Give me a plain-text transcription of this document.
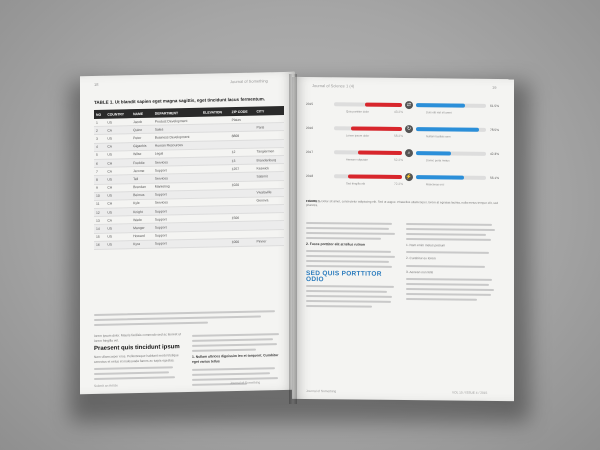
18
Journal of Something
TABLE 1. Ut blandit sapien eget magna sagittis, eget tincidunt lacus fermentum.
NO	COUNTRY	NAME	DEPARTMENT	ELEVATION	ZIP CODE	CITY
1	US	Jacob	Product Development		Platzs	
2	CA	Quinn	Sales			Paris
3	US	Peter	Business Development		8808	
4	CA	Giganhis	Human Resources			
5	US	Wilse	Legal		12	Tangiermen
6	CH	Freddie	Services		13	Brandenburg
7	CA	Jerome	Support		1257	Keswick
8	US	Tell	Services			Salsmit
9	CH	Brendan	Marketing		1020	
10	US	Beimus	Support			Vivalaville
11	CH	Kyle	Services			Genova
12	US	Knight	Support			
13	CA	Wade	Support		1506	
14	US	Manger	Support			
15	US	Howard	Support			
16	US	Kyra	Support		1000	Pinner
lorem ipsum dolor. Mauris facilisis commodo sed ac laoreet ut lorem fringilla vel.
Praesent quis tincidunt ipsum
Nam ullamcorper eros. Pellentesque habitant morbi tristique senectus et netus et malesuada fames ac turpis egestas.
1. Nullam ultrices dignissim leo et torquent. Curabitur eget varius tellus
Submit an Article
Journal of Something
Journal of Science 1 (4)	19
2015	⇄	61.5%
43.2%
Quis porttitor dolor	Duis elit nisl sit amet
2016	↻	78.5%
58.2%
Lorem ipsum dolor	Nullam facilisis sem
2017	⌕	42.3%
52.2%
Aenean vulputate	Donec porta metus
2018	⚡	56.1%
72.2%
Sed fringilla elit	Maecenas orci
FIGURE 1. Dolor sit amet, consectetur adipiscing elit. Sed ut augue. Phasellus ullamcorper, lorem at egestas lacinia, nulla metus tempor elit, sed pharetra.
2. Fusce porttitor elit at tellus rutrum
SED QUIS PORTTITOR ODIO
1. Nam enim metus pretium
2. Curabitur ex lorem
3. Aenean non felis
Journal of Something	VOL 10 / ISSUE 4 / 2015
